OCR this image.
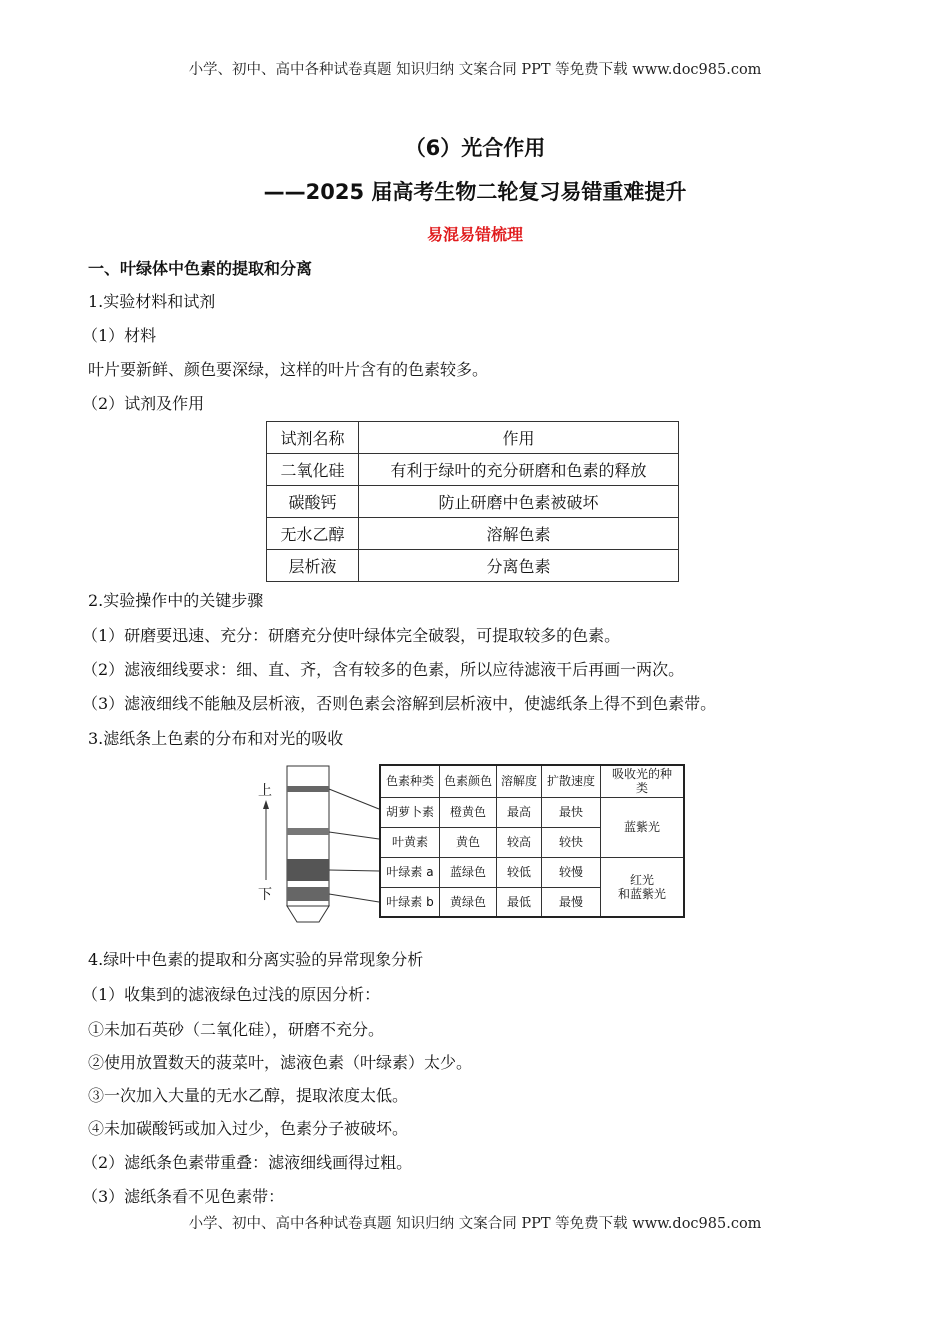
小学、初中、高中各种试卷真题 知识归纳 文案合同 PPT 等免费下载 www.doc985.com
（6）光合作用
——2025 届高考生物二轮复习易错重难提升
易混易错梳理
一、叶绿体中色素的提取和分离
1.实验材料和试剂
（1）材料
叶片要新鲜、颜色要深绿，这样的叶片含有的色素较多。
（2）试剂及作用
试剂名称	作用
二氧化硅	有利于绿叶的充分研磨和色素的释放
碳酸钙	防止研磨中色素被破坏
无水乙醇	溶解色素
层析液	分离色素
2.实验操作中的关键步骤
（1）研磨要迅速、充分：研磨充分使叶绿体完全破裂，可提取较多的色素。
（2）滤液细线要求：细、直、齐，含有较多的色素，所以应待滤液干后再画一两次。
（3）滤液细线不能触及层析液，否则色素会溶解到层析液中，使滤纸条上得不到色素带。
3.滤纸条上色素的分布和对光的吸收
上
下
色素种类	色素颜色	溶解度	扩散速度	吸收光的种类
胡萝卜素	橙黄色	最高	最快	蓝紫光
叶黄素	黄色	较高	较快	
叶绿素 a	蓝绿色	较低	较慢	红光
和蓝紫光

叶绿素 b	黄绿色	最低	最慢	
4.绿叶中色素的提取和分离实验的异常现象分析
（1）收集到的滤液绿色过浅的原因分析：
①未加石英砂（二氧化硅），研磨不充分。
②使用放置数天的菠菜叶，滤液色素（叶绿素）太少。
③一次加入大量的无水乙醇，提取浓度太低。
④未加碳酸钙或加入过少，色素分子被破坏。
（2）滤纸条色素带重叠：滤液细线画得过粗。
（3）滤纸条看不见色素带：
小学、初中、高中各种试卷真题 知识归纳 文案合同 PPT 等免费下载 www.doc985.com
